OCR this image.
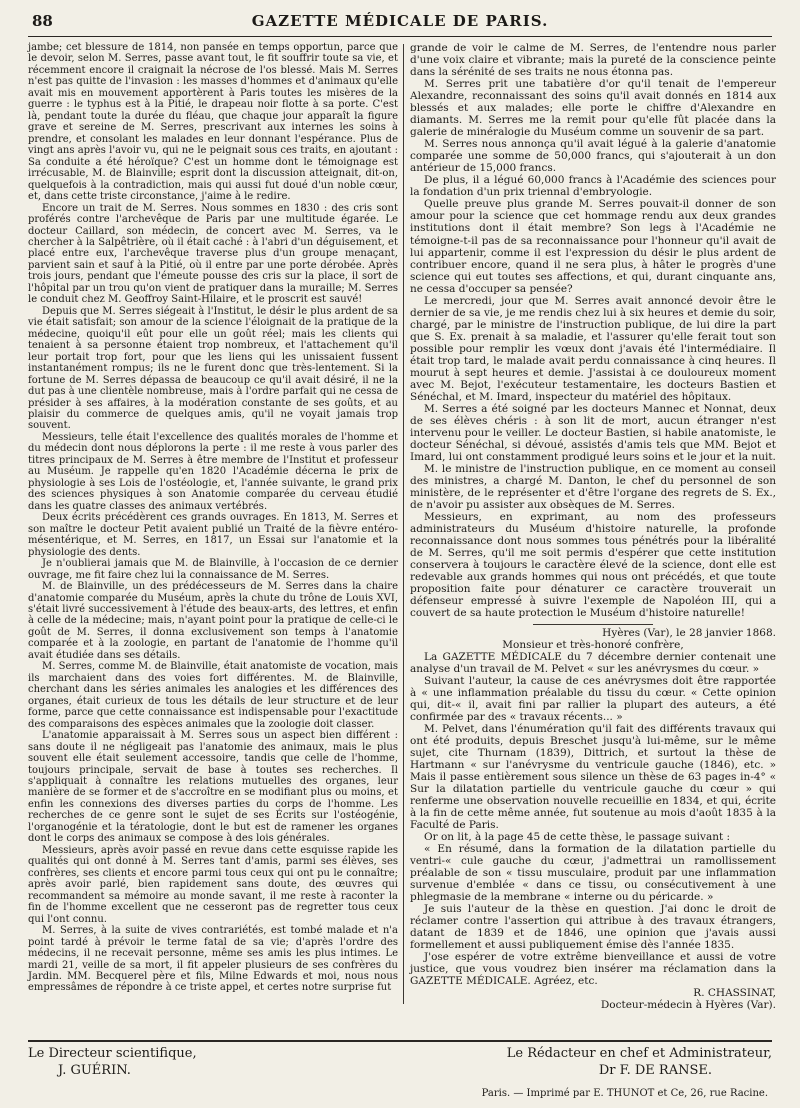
88	GAZETTE MÉDICALE DE PARIS.

jambe; cet blessure de 1814, non pansée en temps opportun, parce que le devoir, selon M. Serres, passe avant tout, le fit souffrir toute sa vie, et récemment encore il craignait la nécrose de l'os blessé. Mais M. Serres n'est pas quitte de l'invasion : les masses d'hommes et d'animaux qu'elle avait mis en mouvement apportèrent à Paris toutes les misères de la guerre : le typhus est à la Pitié, le drapeau noir flotte à sa porte. C'est là, pendant toute la durée du fléau, que chaque jour apparaît la figure grave et sereine de M. Serres, prescrivant aux internes les soins à prendre, et consolant les malades en leur donnant l'espérance. Plus de vingt ans après l'avoir vu, qui ne le peignait sous ces traits, en ajoutant : Sa conduite a été héroïque? C'est un homme dont le témoignage est irrécusable, M. de Blainville; esprit dont la discussion atteignait, dit-on, quelquefois à la contradiction, mais qui aussi fut doué d'un noble cœur, et, dans cette triste circonstance, j'aime à le redire.

Encore un trait de M. Serres. Nous sommes en 1830 : des cris sont proférés contre l'archevêque de Paris par une multitude égarée. Le docteur Caillard, son médecin, de concert avec M. Serres, va le chercher à la Salpêtrière, où il était caché : à l'abri d'un déguisement, et placé entre eux, l'archevêque traverse plus d'un groupe menaçant, parvient sain et sauf à la Pitié, où il entre par une porte dérobée. Après trois jours, pendant que l'émeute pousse des cris sur la place, il sort de l'hôpital par un trou qu'on vient de pratiquer dans la muraille; M. Serres le conduit chez M. Geoffroy Saint-Hilaire, et le proscrit est sauvé!

Depuis que M. Serres siégeait à l'Institut, le désir le plus ardent de sa vie était satisfait; son amour de la science l'éloignait de la pratique de la médecine, quoiqu'il eût pour elle un goût réel; mais les clients qui tenaient à sa personne étaient trop nombreux, et l'attachement qu'il leur portait trop fort, pour que les liens qui les unissaient fussent instantanément rompus; ils ne le furent donc que très-lentement. Si la fortune de M. Serres dépassa de beaucoup ce qu'il avait désiré, il ne la dut pas à une clientèle nombreuse, mais à l'ordre parfait qui ne cessa de présider à ses affaires, à la modération constante de ses goûts, et au plaisir du commerce de quelques amis, qu'il ne voyait jamais trop souvent.

Messieurs, telle était l'excellence des qualités morales de l'homme et du médecin dont nous déplorons la perte : il me reste à vous parler des titres principaux de M. Serres à être membre de l'Institut et professeur au Muséum. Je rappelle qu'en 1820 l'Académie décerna le prix de physiologie à ses Lois de l'ostéologie, et, l'année suivante, le grand prix des sciences physiques à son Anatomie comparée du cerveau étudié dans les quatre classes des animaux vertébrés.

Deux écrits précédèrent ces grands ouvrages. En 1813, M. Serres et son maître le docteur Petit avaient publié un Traité de la fièvre entéro-mésentérique, et M. Serres, en 1817, un Essai sur l'anatomie et la physiologie des dents.

Je n'oublierai jamais que M. de Blainville, à l'occasion de ce dernier ouvrage, me fit faire chez lui la connaissance de M. Serres.

M. de Blainville, un des prédécesseurs de M. Serres dans la chaire d'anatomie comparée du Muséum, après la chute du trône de Louis XVI, s'était livré successivement à l'étude des beaux-arts, des lettres, et enfin à celle de la médecine; mais, n'ayant point pour la pratique de celle-ci le goût de M. Serres, il donna exclusivement son temps à l'anatomie comparée et à la zoologie, en partant de l'anatomie de l'homme qu'il avait étudiée dans ses détails.

M. Serres, comme M. de Blainville, était anatomiste de vocation, mais ils marchaient dans des voies fort différentes. M. de Blainville, cherchant dans les séries animales les analogies et les différences des organes, était curieux de tous les détails de leur structure et de leur forme, parce que cette connaissance est indispensable pour l'exactitude des comparaisons des espèces animales que la zoologie doit classer.

L'anatomie apparaissait à M. Serres sous un aspect bien différent : sans doute il ne négligeait pas l'anatomie des animaux, mais le plus souvent elle était seulement accessoire, tandis que celle de l'homme, toujours principale, servait de base à toutes ses recherches. Il s'appliquait à connaître les relations mutuelles des organes, leur manière de se former et de s'accroître en se modifiant plus ou moins, et enfin les connexions des diverses parties du corps de l'homme. Les recherches de ce genre sont le sujet de ses Écrits sur l'ostéogénie, l'organogénie et la tératologie, dont le but est de ramener les organes dont le corps des animaux se compose à des lois générales.

Messieurs, après avoir passé en revue dans cette esquisse rapide les qualités qui ont donné à M. Serres tant d'amis, parmi ses élèves, ses confrères, ses clients et encore parmi tous ceux qui ont pu le connaître; après avoir parlé, bien rapidement sans doute, des œuvres qui recommandent sa mémoire au monde savant, il me reste à raconter la fin de l'homme excellent que ne cesseront pas de regretter tous ceux qui l'ont connu.

M. Serres, à la suite de vives contrariétés, est tombé malade et n'a point tardé à prévoir le terme fatal de sa vie; d'après l'ordre des médecins, il ne recevait personne, même ses amis les plus intimes. Le mardi 21, veille de sa mort, il fit appeler plusieurs de ses confrères du Jardin. MM. Becquerel père et fils, Milne Edwards et moi, nous nous empressâmes de répondre à ce triste appel, et certes notre surprise fut

grande de voir le calme de M. Serres, de l'entendre nous parler d'une voix claire et vibrante; mais la pureté de la conscience peinte dans la sérénité de ses traits ne nous étonna pas.

M. Serres prit une tabatière d'or qu'il tenait de l'empereur Alexandre, reconnaissant des soins qu'il avait donnés en 1814 aux blessés et aux malades; elle porte le chiffre d'Alexandre en diamants. M. Serres me la remit pour qu'elle fût placée dans la galerie de minéralogie du Muséum comme un souvenir de sa part.

M. Serres nous annonça qu'il avait légué à la galerie d'anatomie comparée une somme de 50,000 francs, qui s'ajouterait à un don antérieur de 15,000 francs.

De plus, il a légué 60,000 francs à l'Académie des sciences pour la fondation d'un prix triennal d'embryologie.

Quelle preuve plus grande M. Serres pouvait-il donner de son amour pour la science que cet hommage rendu aux deux grandes institutions dont il était membre? Son legs à l'Académie ne témoigne-t-il pas de sa reconnaissance pour l'honneur qu'il avait de lui appartenir, comme il est l'expression du désir le plus ardent de contribuer encore, quand il ne sera plus, à hâter le progrès d'une science qui eut toutes ses affections, et qui, durant cinquante ans, ne cessa d'occuper sa pensée?

Le mercredi, jour que M. Serres avait annoncé devoir être le dernier de sa vie, je me rendis chez lui à six heures et demie du soir, chargé, par le ministre de l'instruction publique, de lui dire la part que S. Ex. prenait à sa maladie, et l'assurer qu'elle ferait tout son possible pour remplir les vœux dont j'avais été l'intermédiaire. Il était trop tard, le malade avait perdu connaissance à cinq heures. Il mourut à sept heures et demie. J'assistai à ce douloureux moment avec M. Bejot, l'exécuteur testamentaire, les docteurs Bastien et Sénéchal, et M. Imard, inspecteur du matériel des hôpitaux.

M. Serres a été soigné par les docteurs Mannec et Nonnat, deux de ses élèves chéris : à son lit de mort, aucun étranger n'est intervenu pour le veiller. Le docteur Bastien, si habile anatomiste, le docteur Sénéchal, si dévoué, assistés d'amis tels que MM. Bejot et Imard, lui ont constamment prodigué leurs soins et le jour et la nuit.

M. le ministre de l'instruction publique, en ce moment au conseil des ministres, a chargé M. Danton, le chef du personnel de son ministère, de le représenter et d'être l'organe des regrets de S. Ex., de n'avoir pu assister aux obsèques de M. Serres.

Messieurs, en exprimant, au nom des professeurs administrateurs du Muséum d'histoire naturelle, la profonde reconnaissance dont nous sommes tous pénétrés pour la libéralité de M. Serres, qu'il me soit permis d'espérer que cette institution conservera à toujours le caractère élevé de la science, dont elle est redevable aux grands hommes qui nous ont précédés, et que toute proposition faite pour dénaturer ce caractère trouverait un défenseur empressé à suivre l'exemple de Napoléon III, qui a couvert de sa haute protection le Muséum d'histoire naturelle!

Hyères (Var), le 28 janvier 1868.

Monsieur et très-honoré confrère,

La GAZETTE MÉDICALE du 7 décembre dernier contenait une analyse d'un travail de M. Pelvet « sur les anévrysmes du cœur. »

Suivant l'auteur, la cause de ces anévrysmes doit être rapportée à « une inflammation préalable du tissu du cœur. « Cette opinion qui, dit-« il, avait fini par rallier la plupart des auteurs, a été confirmée par des « travaux récents... »

M. Pelvet, dans l'énumération qu'il fait des différents travaux qui ont été produits, depuis Breschet jusqu'à lui-même, sur le même sujet, cite Thurnam (1839), Dittrich, et surtout la thèse de Hartmann « sur l'anévrysme du ventricule gauche (1846), etc. » Mais il passe entièrement sous silence un thèse de 63 pages in-4° « Sur la dilatation partielle du ventricule gauche du cœur » qui renferme une observation nouvelle recueillie en 1834, et qui, écrite à la fin de cette même année, fut soutenue au mois d'août 1835 à la Faculté de Paris.

Or on lit, à la page 45 de cette thèse, le passage suivant :

« En résumé, dans la formation de la dilatation partielle du ventri-« cule gauche du cœur, j'admettrai un ramollissement préalable de son « tissu musculaire, produit par une inflammation survenue d'emblée « dans ce tissu, ou consécutivement à une phlegmasie de la membrane « interne ou du péricarde. »

Je suis l'auteur de la thèse en question. J'ai donc le droit de réclamer contre l'assertion qui attribue à des travaux étrangers, datant de 1839 et de 1846, une opinion que j'avais aussi formellement et aussi publiquement émise dès l'année 1835.

J'ose espérer de votre extrême bienveillance et aussi de votre justice, que vous voudrez bien insérer ma réclamation dans la GAZETTE MÉDICALE. Agréez, etc.

R. CHASSINAT,

Docteur-médecin à Hyères (Var).

Le Directeur scientifique,
J. GUÉRIN.
Le Rédacteur en chef et Administrateur,
Dr F. DE RANSE.
Paris. — Imprimé par E. THUNOT et Ce, 26, rue Racine.
